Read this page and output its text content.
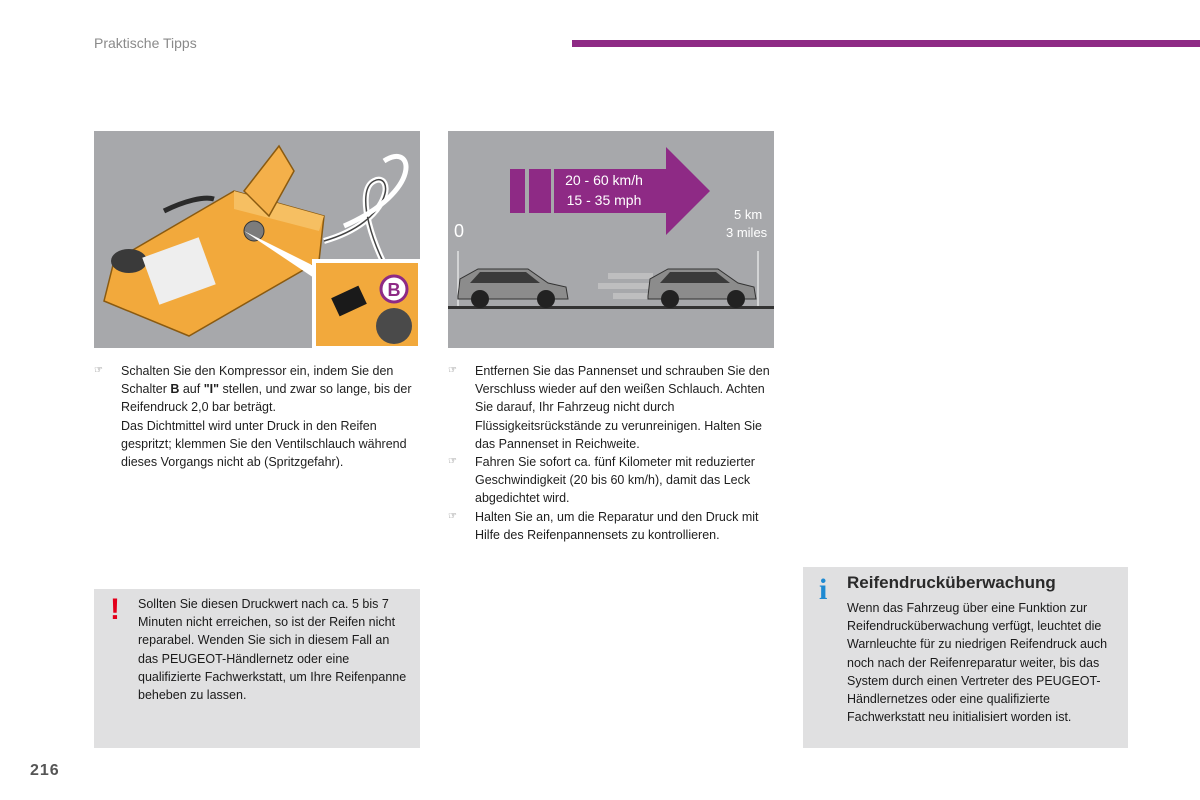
Praktische Tipps
B
20 - 60 km/h
15 - 35 mph
0
5 km
3 miles
☞ Schalten Sie den Kompressor ein, indem Sie den Schalter B auf "I" stellen, und zwar so lange, bis der Reifendruck 2,0 bar beträgt.

Das Dichtmittel wird unter Druck in den Reifen gespritzt; klemmen Sie den Ventilschlauch während dieses Vorgangs nicht ab (Spritzgefahr).

☞ Entfernen Sie das Pannenset und schrauben Sie den Verschluss wieder auf den weißen Schlauch. Achten Sie darauf, Ihr Fahrzeug nicht durch Flüssigkeitsrückstände zu verunreinigen. Halten Sie das Pannenset in Reichweite.

☞ Fahren Sie sofort ca. fünf Kilometer mit reduzierter Geschwindigkeit (20 bis 60 km/h), damit das Leck abgedichtet wird.

☞ Halten Sie an, um die Reparatur und den Druck mit Hilfe des Reifenpannensets zu kontrollieren.

! Sollten Sie diesen Druckwert nach ca. 5 bis 7 Minuten nicht erreichen, so ist der Reifen nicht reparabel. Wenden Sie sich in diesem Fall an das PEUGEOT-Händlernetz oder eine qualifizierte Fachwerkstatt, um Ihre Reifenpanne beheben zu lassen.
i Reifendrucküberwachung
Wenn das Fahrzeug über eine Funktion zur Reifendrucküberwachung verfügt, leuchtet die Warnleuchte für zu niedrigen Reifendruck auch noch nach der Reifenreparatur weiter, bis das System durch einen Vertreter des PEUGEOT-Händlernetzes oder eine qualifizierte Fachwerkstatt neu initialisiert worden ist.
216
